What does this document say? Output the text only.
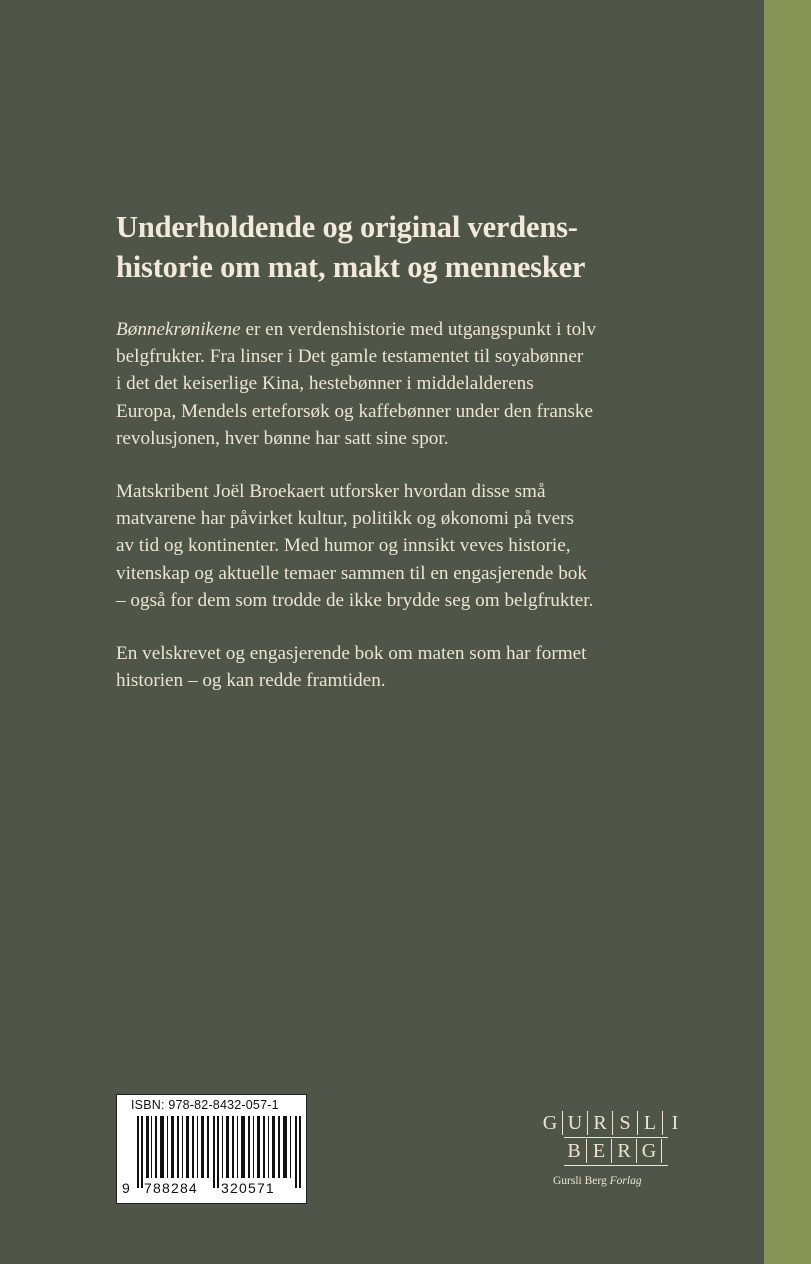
Underholdende og original verdens-
historie om mat, makt og mennesker

Bønnekrønikene er en verdenshistorie med utgangspunkt i tolv
belgfrukter. Fra linser i Det gamle testamentet til soyabønner
i det det keiserlige Kina, hestebønner i middelalderens
Europa, Mendels erteforsøk og kaffebønner under den franske
revolusjonen, hver bønne har satt sine spor.

Matskribent Joël Broekaert utforsker hvordan disse små
matvarene har påvirket kultur, politikk og økonomi på tvers
av tid og kontinenter. Med humor og innsikt veves historie,
vitenskap og aktuelle temaer sammen til en engasjerende bok
– også for dem som trodde de ikke brydde seg om belgfrukter.

En velskrevet og engasjerende bok om maten som har formet
historien – og kan redde framtiden.

ISBN: 978-82-8432-057-1
9 788284 320571
G U R S L I
B E R G
Gursli Berg Forlag
